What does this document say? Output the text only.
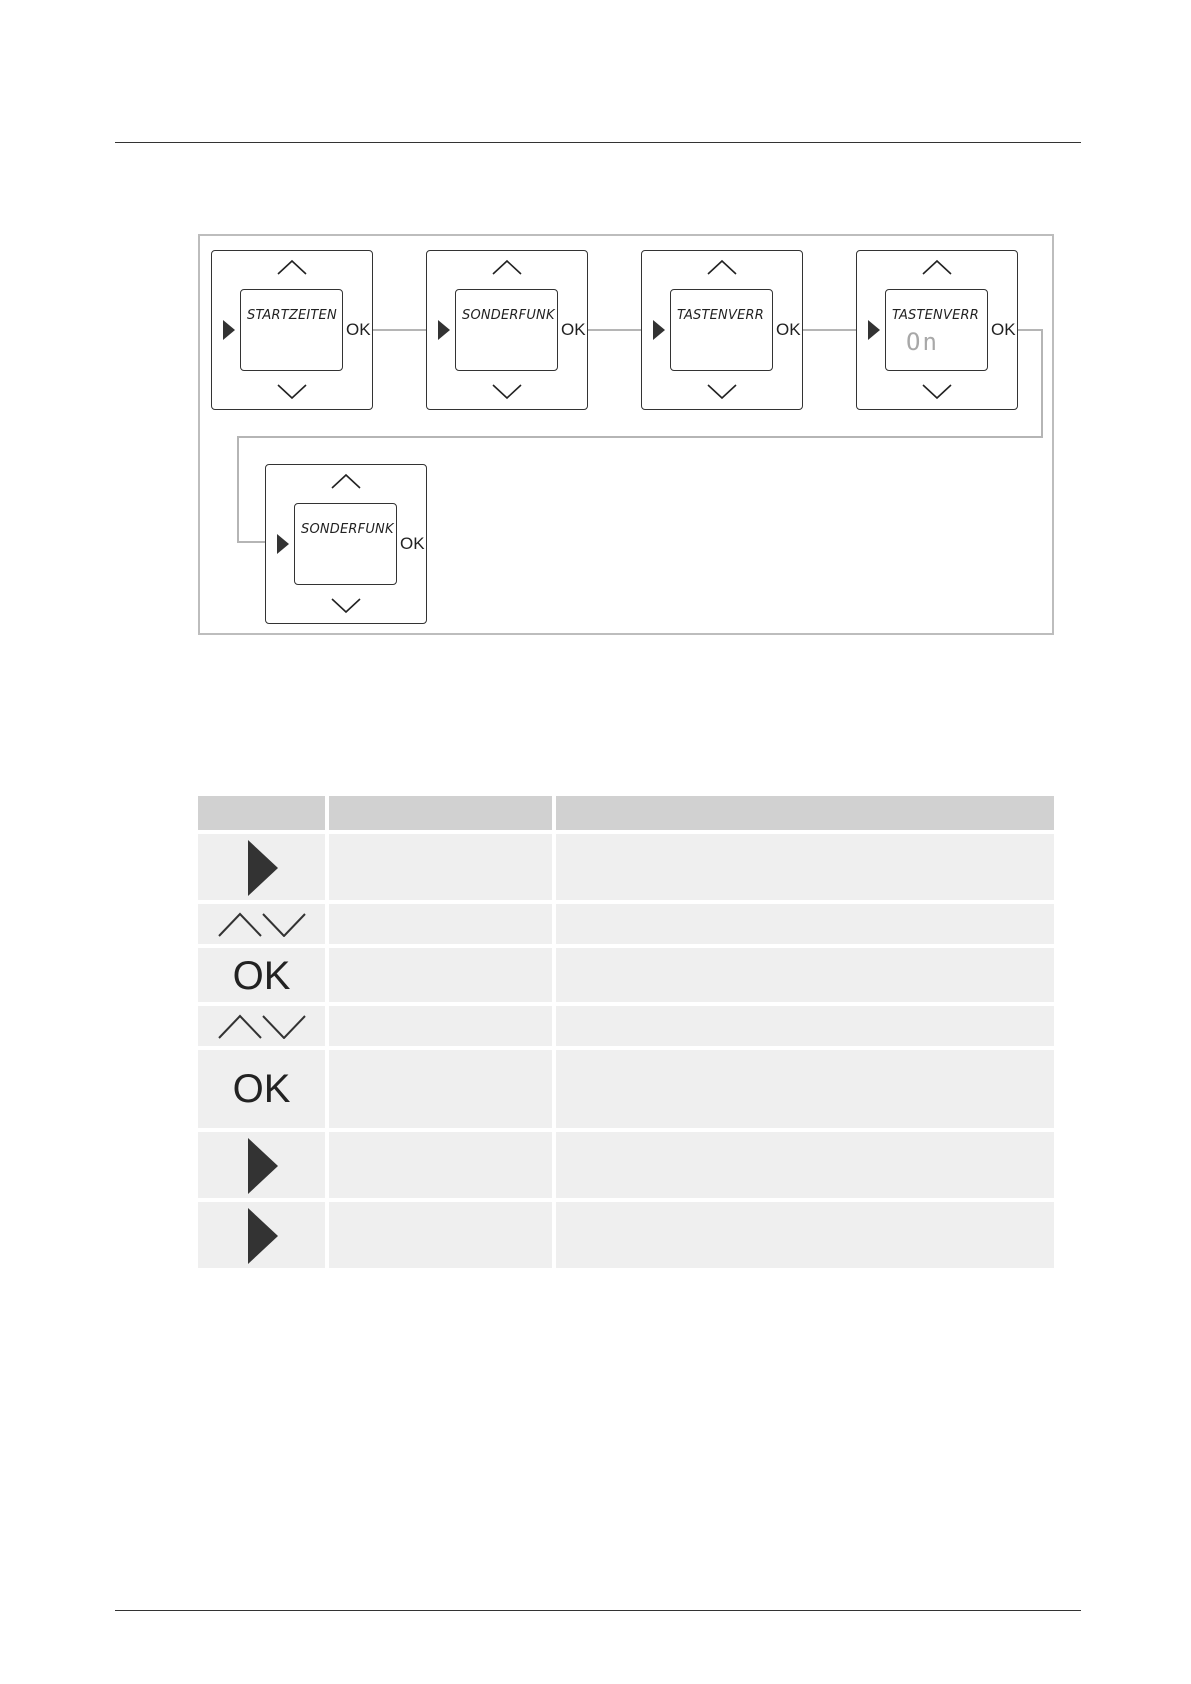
STARTZEITEN
OK
SONDERFUNK
OK
TASTENVERR
OK
TASTENVERR
On	OK
SONDERFUNK
OK
OK
OK
